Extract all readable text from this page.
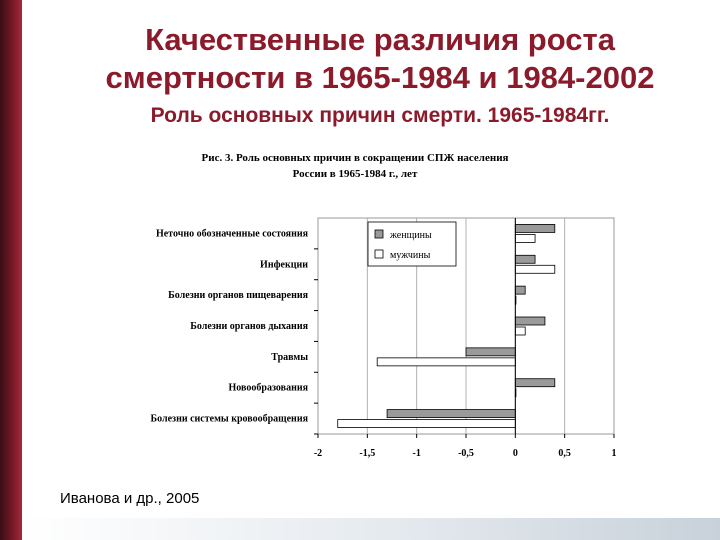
Качественные различия роста
смертности в 1965-1984 и 1984-2002
Роль основных причин смерти. 1965-1984гг.
Рис. 3. Роль основных причин в сокращении СПЖ населения
России в 1965-1984 г., лет
-2	-1,5	-1	-0,5	0	0,5	1
Неточно обозначенные состояния
Инфекции
Болезни органов пищеварения
Болезни органов дыхания
Травмы
Новообразования
Болезни системы кровообращения
женщины
мужчины
Иванова и др., 2005
